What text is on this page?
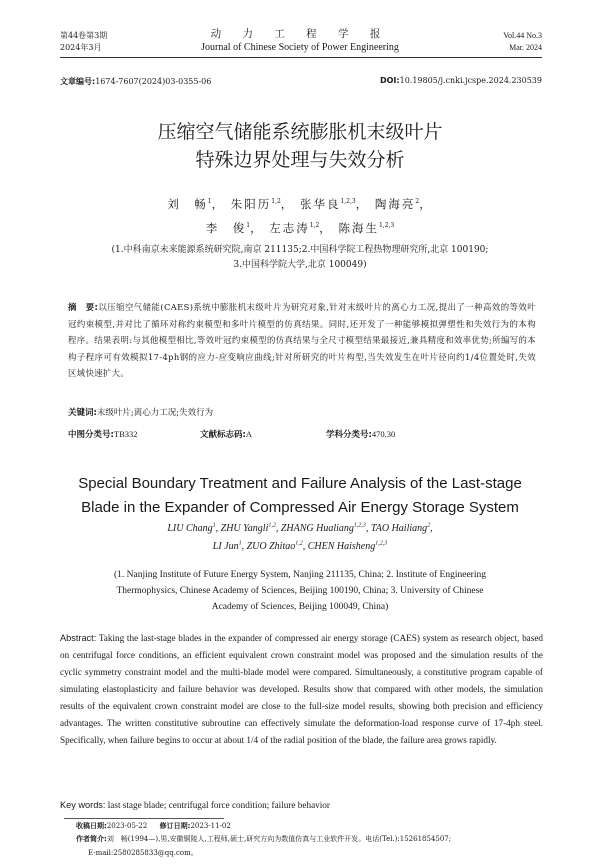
第44卷第3期
2024年3月
动 力 工 程 学 报
Journal of Chinese Society of Power Engineering
Vol.44 No.3
Mar. 2024
文章编号:1674-7607(2024)03-0355-06	DOI:10.19805/j.cnki.jcspe.2024.230539
压缩空气储能系统膨胀机末级叶片
特殊边界处理与失效分析
刘　畅$^1$， 朱阳历$^{1,2}$， 张华良$^{1,2,3}$， 陶海亮$^2$，
李　俊$^1$， 左志涛$^{1,2}$， 陈海生$^{1,2,3}$
(1.中科南京未来能源系统研究院,南京 211135;2.中国科学院工程热物理研究所,北京 100190;
3.中国科学院大学,北京 100049)
摘　要:以压缩空气储能(CAES)系统中膨胀机末级叶片为研究对象,针对末级叶片的离心力工况,提出了一种高效的等效叶冠约束模型,并对比了循环对称约束模型和多叶片模型的仿真结果。同时,还开发了一种能够模拟弹塑性和失效行为的本构程序。结果表明:与其他模型相比,等效叶冠约束模型的仿真结果与全尺寸模型结果最接近,兼具精度和效率优势;所编写的本构子程序可有效模拟17-4ph钢的应力-应变响应曲线;针对所研究的叶片构型,当失效发生在叶片径向约1/4位置处时,失效区域快速扩大。
关键词:末级叶片;离心力工况;失效行为
中图分类号:TB332	文献标志码:A	学科分类号:470.30
Special Boundary Treatment and Failure Analysis of the Last-stage
Blade in the Expander of Compressed Air Energy Storage System
LIU Chang$^1$, ZHU Yangli$^{1,2}$, ZHANG Hualiang$^{1,2,3}$, TAO Hailiang$^2$,
LI Jun$^1$, ZUO Zhitao$^{1,2}$, CHEN Haisheng$^{1,2,3}$
(1. Nanjing Institute of Future Energy System, Nanjing 211135, China; 2. Institute of Engineering
Thermophysics, Chinese Academy of Sciences, Beijing 100190, China; 3. University of Chinese
Academy of Sciences, Beijing 100049, China)
Abstract: Taking the last-stage blades in the expander of compressed air energy storage (CAES) system as research object, based on centrifugal force conditions, an efficient equivalent crown constraint model was proposed and the simulation results of the cyclic symmetry constraint model and the multi-blade model were compared. Simultaneously, a constitutive program capable of simulating elastoplasticity and failure behavior was developed. Results show that compared with other models, the simulation results of the equivalent crown constraint model are close to the full-size model results, showing both precision and efficiency advantages. The written constitutive subroutine can effectively simulate the deformation-load response curve of 17-4ph steel. Specifically, when failure begins to occur at about 1/4 of the radial position of the blade, the failure area grows rapidly.
Key words: last stage blade; centrifugal force condition; failure behavior
收稿日期:2023-05-22 修订日期:2023-11-02
作者简介:刘　畅(1994—),男,安徽铜陵人,工程师,硕士,研究方向为数值仿真与工业软件开发。电话(Tel.):15261854507;
E-mail:2580285833@qq.com。
